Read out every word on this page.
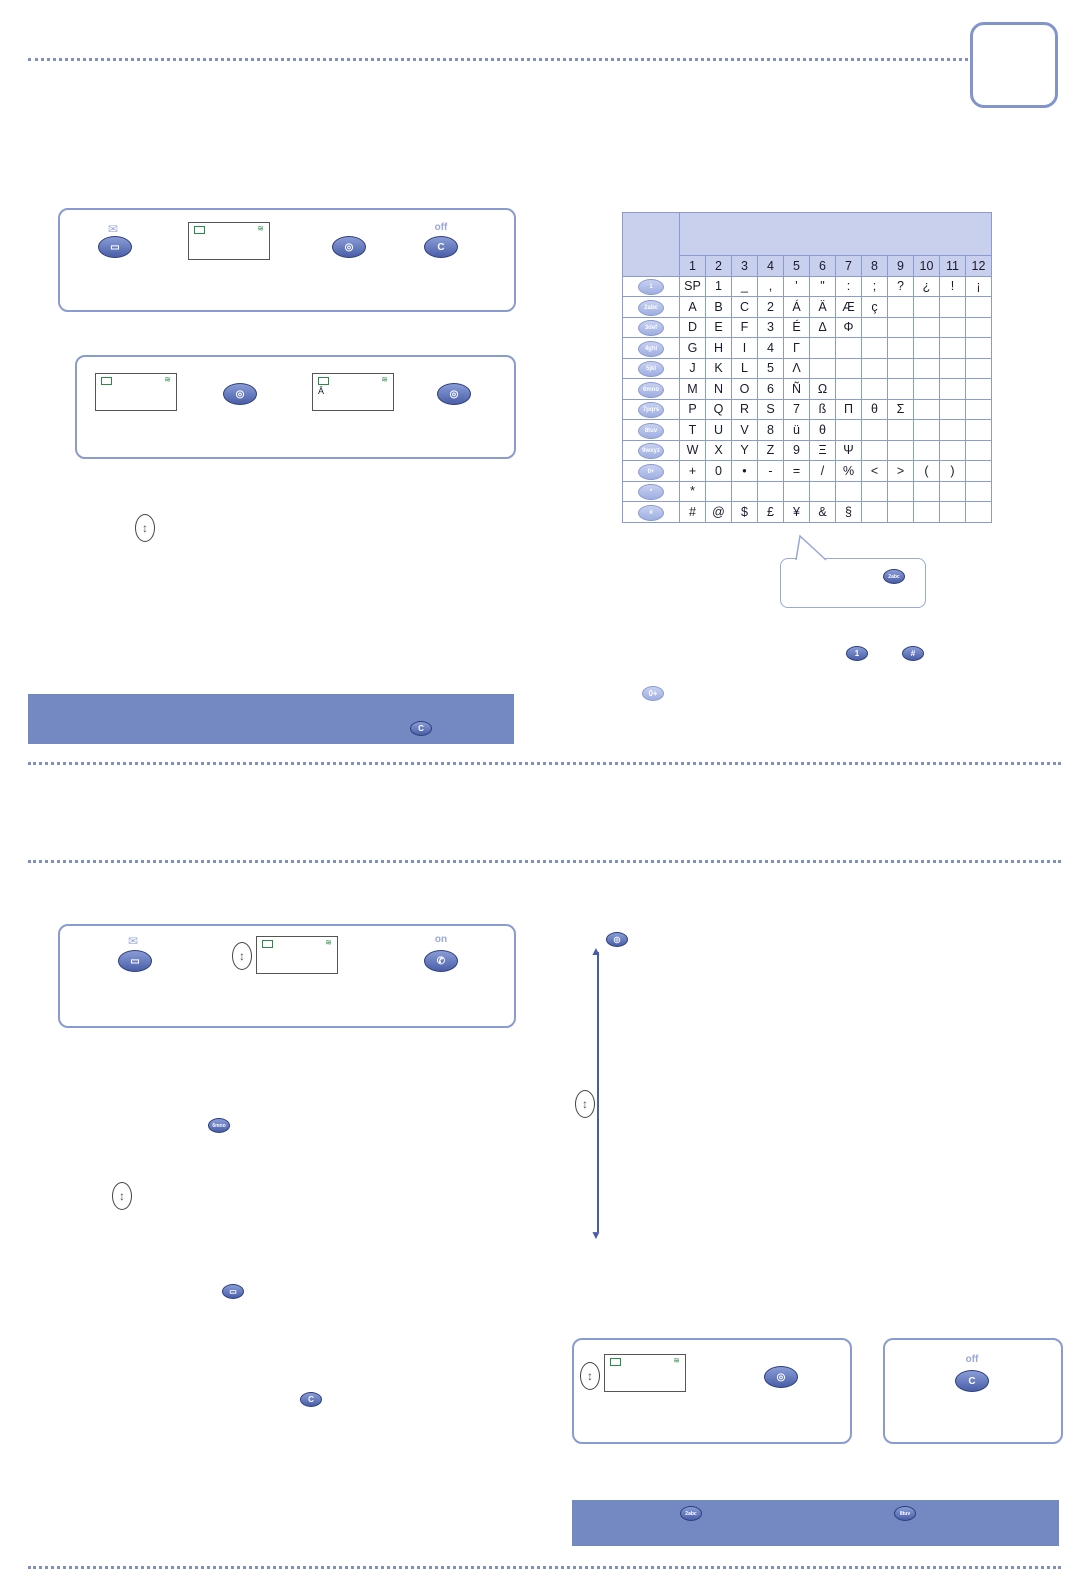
✉
▭
≋
◎
off
C
≋
◎
≋
Ā	◎
↕
C

	1	2	3	4	5	6	7	8	9	10	11	12
1	SP	1	_	,	'	"	:	;	?	¿	!	¡
2abc	A	B	C	2	Á	Ä	Æ	ç				
3def	D	E	F	3	É	Δ	Φ					
4ghi	G	H	I	4	Γ							
5jkl	J	K	L	5	Λ							
6mno	M	N	O	6	Ñ	Ω						
7pqrs	P	Q	R	S	7	ß	Π	θ	Σ			
8tuv	T	U	V	8	ü	θ						
9wxyz	W	X	Y	Z	9	Ξ	Ψ					
0+	+	0	•	-	=	/	%	<	>	(	)	
*	*											
#	#	@	$	£	¥	&	§					
2abc
1	#
0+
✉
▭	↕
≋	on
✆
6mno
↕
▭
C
◎
▲
▼
↕
↕
≋
◎
off
C
2abc	8tuv
